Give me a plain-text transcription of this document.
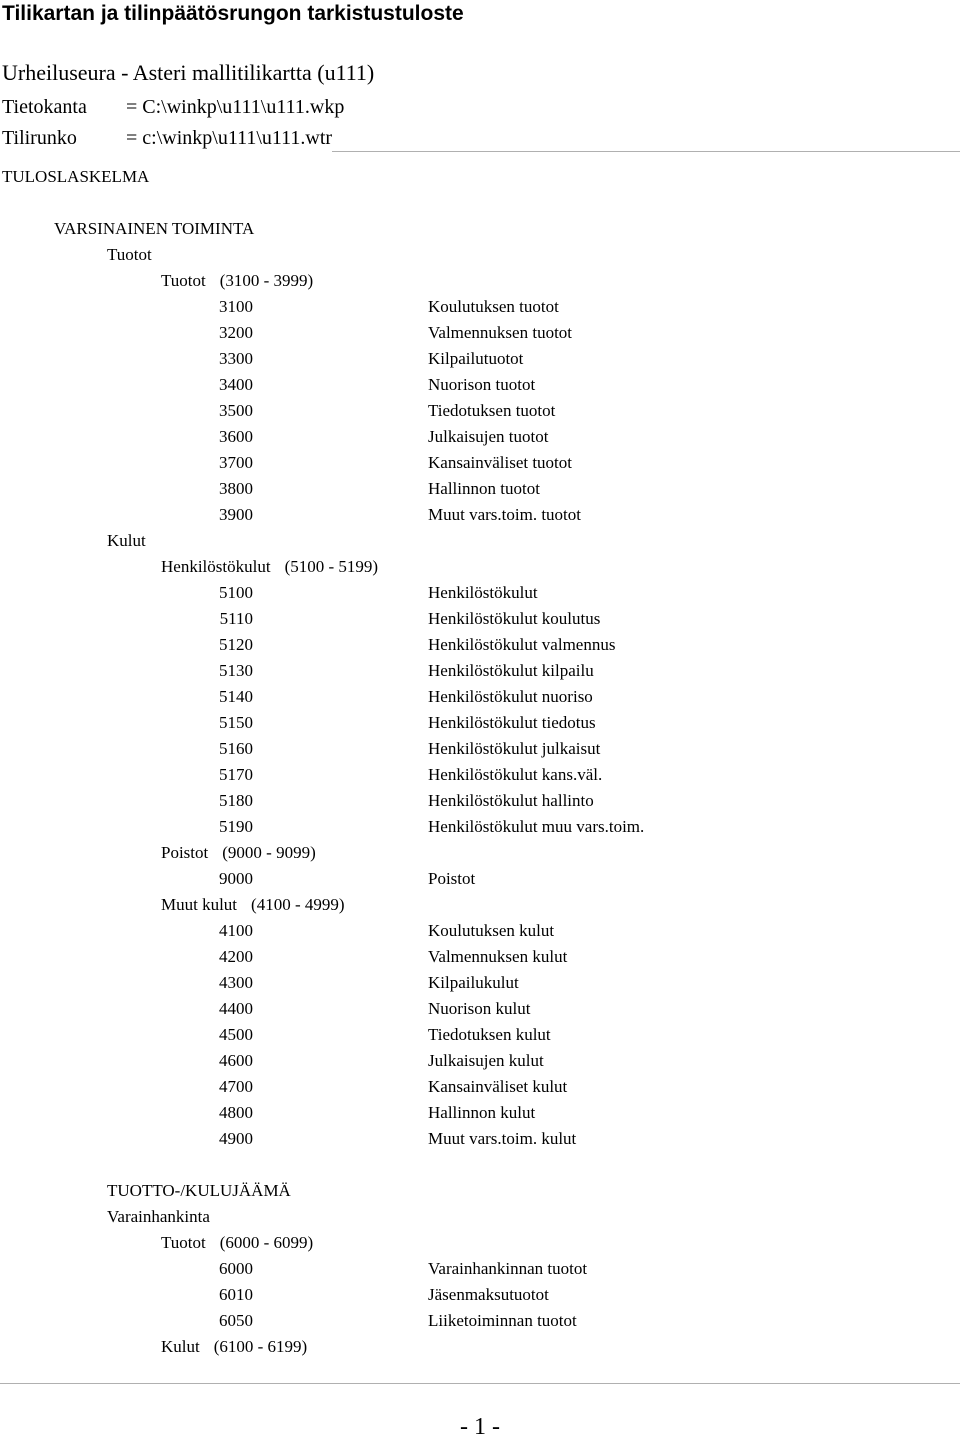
Tilikartan ja tilinpäätösrungon tarkistustuloste
Urheiluseura - Asteri mallitilikartta (u111)
Tietokanta = C:\winkp\u111\u111.wkp
Tilirunko = c:\winkp\u111\u111.wtr
TULOSLASKELMA
VARSINAINEN TOIMINTA
Tuotot
Tuotot (3100 - 3999)
3100	Koulutuksen tuotot
3200	Valmennuksen tuotot
3300	Kilpailutuotot
3400	Nuorison tuotot
3500	Tiedotuksen tuotot
3600	Julkaisujen tuotot
3700	Kansainväliset tuotot
3800	Hallinnon tuotot
3900	Muut vars.toim. tuotot
Kulut
Henkilöstökulut (5100 - 5199)
5100	Henkilöstökulut
5110	Henkilöstökulut koulutus
5120	Henkilöstökulut valmennus
5130	Henkilöstökulut kilpailu
5140	Henkilöstökulut nuoriso
5150	Henkilöstökulut tiedotus
5160	Henkilöstökulut julkaisut
5170	Henkilöstökulut kans.väl.
5180	Henkilöstökulut hallinto
5190	Henkilöstökulut muu vars.toim.
Poistot (9000 - 9099)
9000	Poistot
Muut kulut (4100 - 4999)
4100	Koulutuksen kulut
4200	Valmennuksen kulut
4300	Kilpailukulut
4400	Nuorison kulut
4500	Tiedotuksen kulut
4600	Julkaisujen kulut
4700	Kansainväliset kulut
4800	Hallinnon kulut
4900	Muut vars.toim. kulut
TUOTTO-/KULUJÄÄMÄ
Varainhankinta
Tuotot (6000 - 6099)
6000	Varainhankinnan tuotot
6010	Jäsenmaksutuotot
6050	Liiketoiminnan tuotot
Kulut (6100 - 6199)
- 1 -
